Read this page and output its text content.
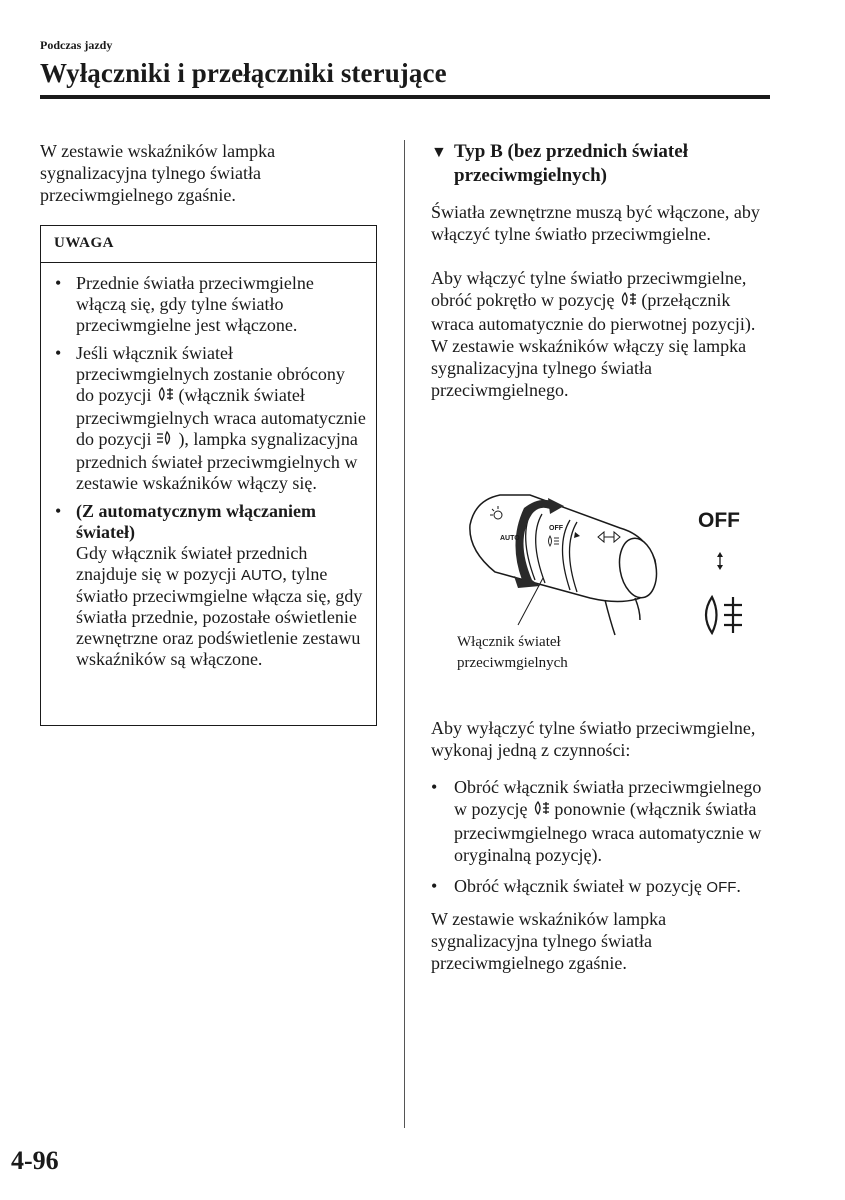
Podczas jazdy
Wyłączniki i przełączniki sterujące

W zestawie wskaźników lampka sygnalizacyjna tylnego światła przeciwmgielnego zgaśnie.

UWAGA
• Przednie światła przeciwmgielne włączą się, gdy tylne światło przeciwmgielne jest włączone.
• Jeśli włącznik świateł przeciwmgielnych zostanie obrócony do pozycji (włącznik świateł przeciwmgielnych wraca automatycznie do pozycji ), lampka sygnalizacyjna przednich świateł przeciwmgielnych w zestawie wskaźników włączy się.
• (Z automatycznym włączaniem świateł)
Gdy włącznik świateł przednich znajduje się w pozycji AUTO, tylne światło przeciwmgielne włącza się, gdy światła przednie, pozostałe oświetlenie zewnętrzne oraz podświetlenie zestawu wskaźników są włączone.
▼ Typ B (bez przednich świateł przeciwmgielnych)

Światła zewnętrzne muszą być włączone, aby włączyć tylne światło przeciwmgielne.

Aby włączyć tylne światło przeciwmgielne, obróć pokrętło w pozycję (przełącznik wraca automatycznie do pierwotnej pozycji). W zestawie wskaźników włączy się lampka sygnalizacyjna tylnego światła przeciwmgielnego.

AUTO
OFF	OFF
Włącznik świateł przeciwmgielnych

Aby wyłączyć tylne światło przeciwmgielne, wykonaj jedną z czynności:

• Obróć włącznik światła przeciwmgielnego w pozycję ponownie (włącznik światła przeciwmgielnego wraca automatycznie w oryginalną pozycję).
• Obróć włącznik świateł w pozycję OFF.

W zestawie wskaźników lampka sygnalizacyjna tylnego światła przeciwmgielnego zgaśnie.

4-96
